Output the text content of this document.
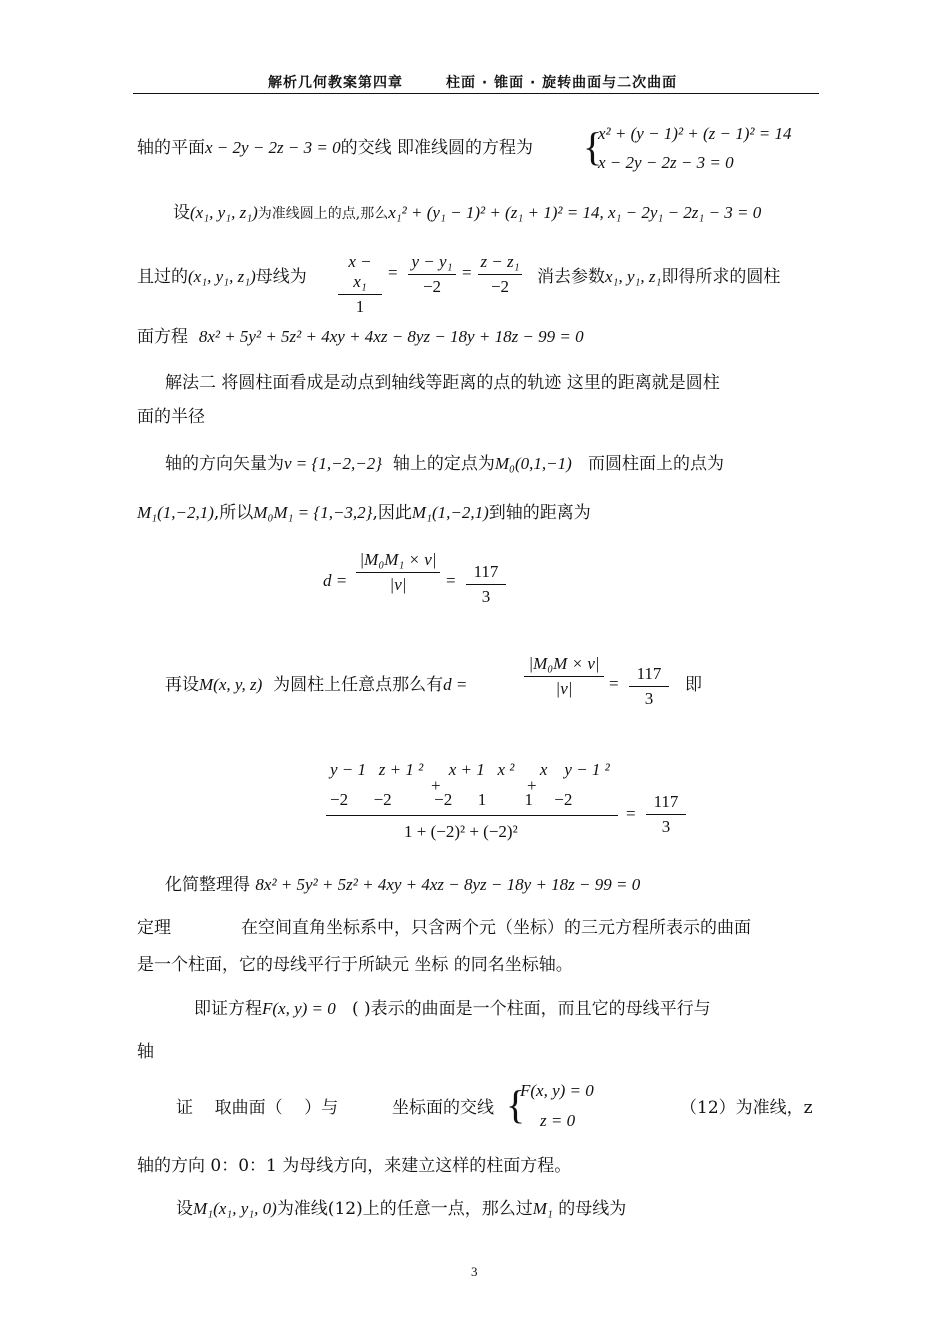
解析几何教案第四章	柱面 · 锥面 · 旋转曲面与二次曲面
轴的平面x − 2y − 2z − 3 = 0的交线 即准线圆的方程为 {
x² + (y − 1)² + (z − 1)² = 14
x − 2y − 2z − 3 = 0
设(x₁, y₁, z₁)为准线圆上的点,那么x₁² + (y₁ − 1)² + (z₁ + 1)² = 14, x₁ − 2y₁ − 2z₁ − 3 = 0
且过的(x₁, y₁, z₁)母线为 $\frac{\text{x − x₁}}{1} = \frac{\text{y − y₁}}{-2} = \frac{\text{z − z₁}}{-2}$ 消去参数x₁, y₁, z₁即得所求的圆柱
面方程 8x² + 5y² + 5z² + 4xy + 4xz − 8yz − 18y + 18z − 99 = 0
解法二 将圆柱面看成是动点到轴线等距离的点的轨迹 这里的距离就是圆柱
面的半径
轴的方向矢量为v = {1,−2,−2} 轴上的定点为M₀(0,1,−1) 而圆柱面上的点为
M₁(1,−2,1),所以M₀M₁ = {1,−3,2},因此M₁(1,−2,1)到轴的距离为
$d = \frac{\text{|M₀M₁ × v|}}{|v|} = \frac{117}{3}$
再设M(x, y, z) 为圆柱上任意点那么有d =	$\frac{\text{|M₀M × v|}}{|v|} = \frac{117}{3}$ 即
y − 1   z + 1 ²      x + 1   x ²      x    y − 1 ²
−2      −2          −2      1         1     −2
+	+
1 + (−2)² + (−2)²
= $\frac{117}{3}$
化简整理得 8x² + 5y² + 5z² + 4xy + 4xz − 8yz − 18y + 18z − 99 = 0
定理	在空间直角坐标系中，只含两个元（坐标）的三元方程所表示的曲面
是一个柱面，它的母线平行于所缺元 坐标 的同名坐标轴。
即证方程F(x, y) = 0 ( )表示的曲面是一个柱面，而且它的母线平行与
轴
证    取曲面（    ）与	坐标面的交线 {
F(x, y) = 0
z = 0
（12）为准线，z
轴的方向 0：0：1 为母线方向，来建立这样的柱面方程。
设M₁(x₁, y₁, 0)为准线(12)上的任意一点，那么过M₁ 的母线为
3
